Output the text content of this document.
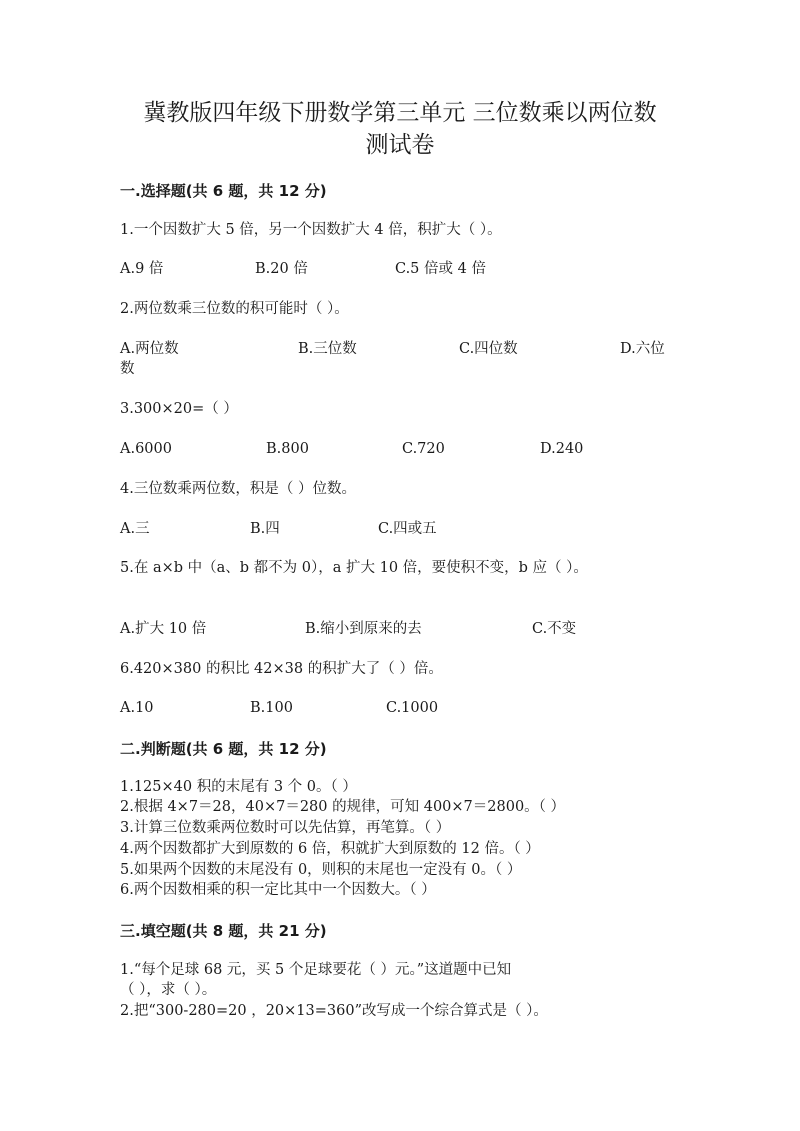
冀教版四年级下册数学第三单元 三位数乘以两位数
测试卷
一.选择题(共 6 题，共 12 分)
1.一个因数扩大 5 倍，另一个因数扩大 4 倍，积扩大（ ）。
A.9 倍	B.20 倍	C.5 倍或 4 倍
2.两位数乘三位数的积可能时（ ）。
A.两位数	B.三位数	C.四位数	D.六位
数
3.300×20=（ ）
A.6000	B.800	C.720	D.240
4.三位数乘两位数，积是（ ）位数。
A.三	B.四	C.四或五
5.在 a×b 中（a、b 都不为 0），a 扩大 10 倍，要使积不变，b 应（ ）。
A.扩大 10 倍	B.缩小到原来的去	C.不变
6.420×380 的积比 42×38 的积扩大了（ ）倍。
A.10	B.100	C.1000
二.判断题(共 6 题，共 12 分)
1.125×40 积的末尾有 3 个 0。（ ）
2.根据 4×7＝28，40×7＝280 的规律，可知 400×7＝2800。（ ）
3.计算三位数乘两位数时可以先估算，再笔算。（ ）
4.两个因数都扩大到原数的 6 倍，积就扩大到原数的 12 倍。（ ）
5.如果两个因数的末尾没有 0，则积的末尾也一定没有 0。（ ）
6.两个因数相乘的积一定比其中一个因数大。（ ）
三.填空题(共 8 题，共 21 分)
1.“每个足球 68 元，买 5 个足球要花（ ）元。”这道题中已知
（ ），求（ ）。
2.把“300-280=20 ，20×13=360”改写成一个综合算式是（ ）。
